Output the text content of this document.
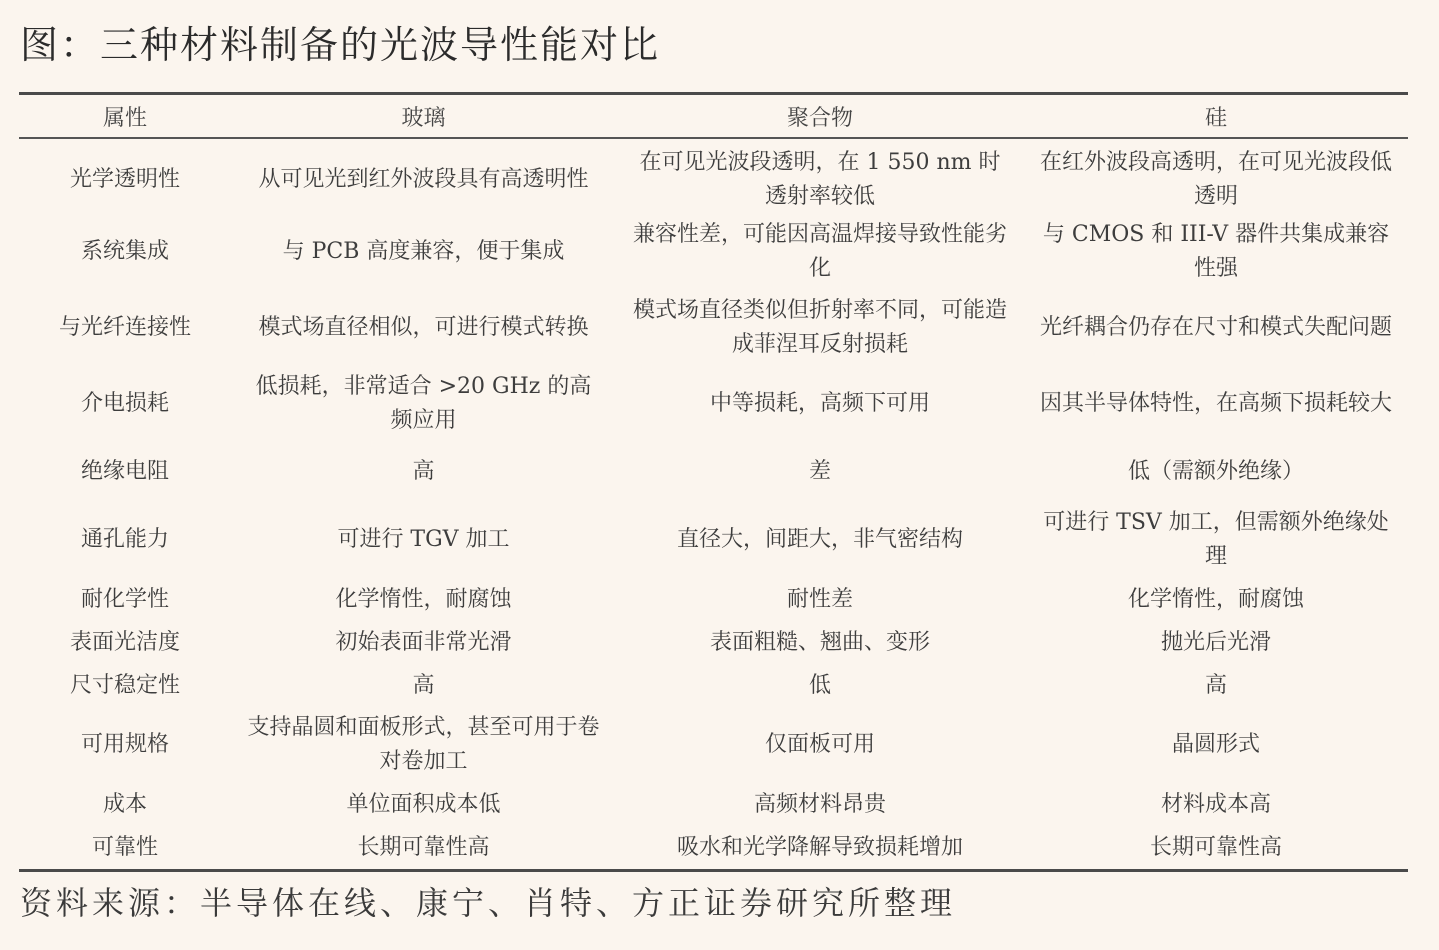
图：三种材料制备的光波导性能对比
属性	玻璃	聚合物	硅
光学透明性	从可见光到红外波段具有高透明性	在可见光波段透明，在 1 550 nm 时透射率较低	在红外波段高透明，在可见光波段低透明
系统集成	与 PCB 高度兼容，便于集成	兼容性差，可能因高温焊接导致性能劣化	与 CMOS 和 III-V 器件共集成兼容性强
与光纤连接性	模式场直径相似，可进行模式转换	模式场直径类似但折射率不同，可能造成菲涅耳反射损耗	光纤耦合仍存在尺寸和模式失配问题
介电损耗	低损耗，非常适合 >20 GHz 的高频应用	中等损耗，高频下可用	因其半导体特性，在高频下损耗较大
绝缘电阻	高	差	低（需额外绝缘）
通孔能力	可进行 TGV 加工	直径大，间距大，非气密结构	可进行 TSV 加工，但需额外绝缘处理
耐化学性	化学惰性，耐腐蚀	耐性差	化学惰性，耐腐蚀
表面光洁度	初始表面非常光滑	表面粗糙、翘曲、变形	抛光后光滑
尺寸稳定性	高	低	高
可用规格	支持晶圆和面板形式，甚至可用于卷对卷加工	仅面板可用	晶圆形式
成本	单位面积成本低	高频材料昂贵	材料成本高
可靠性	长期可靠性高	吸水和光学降解导致损耗增加	长期可靠性高
资料来源：半导体在线、康宁、肖特、方正证券研究所整理
